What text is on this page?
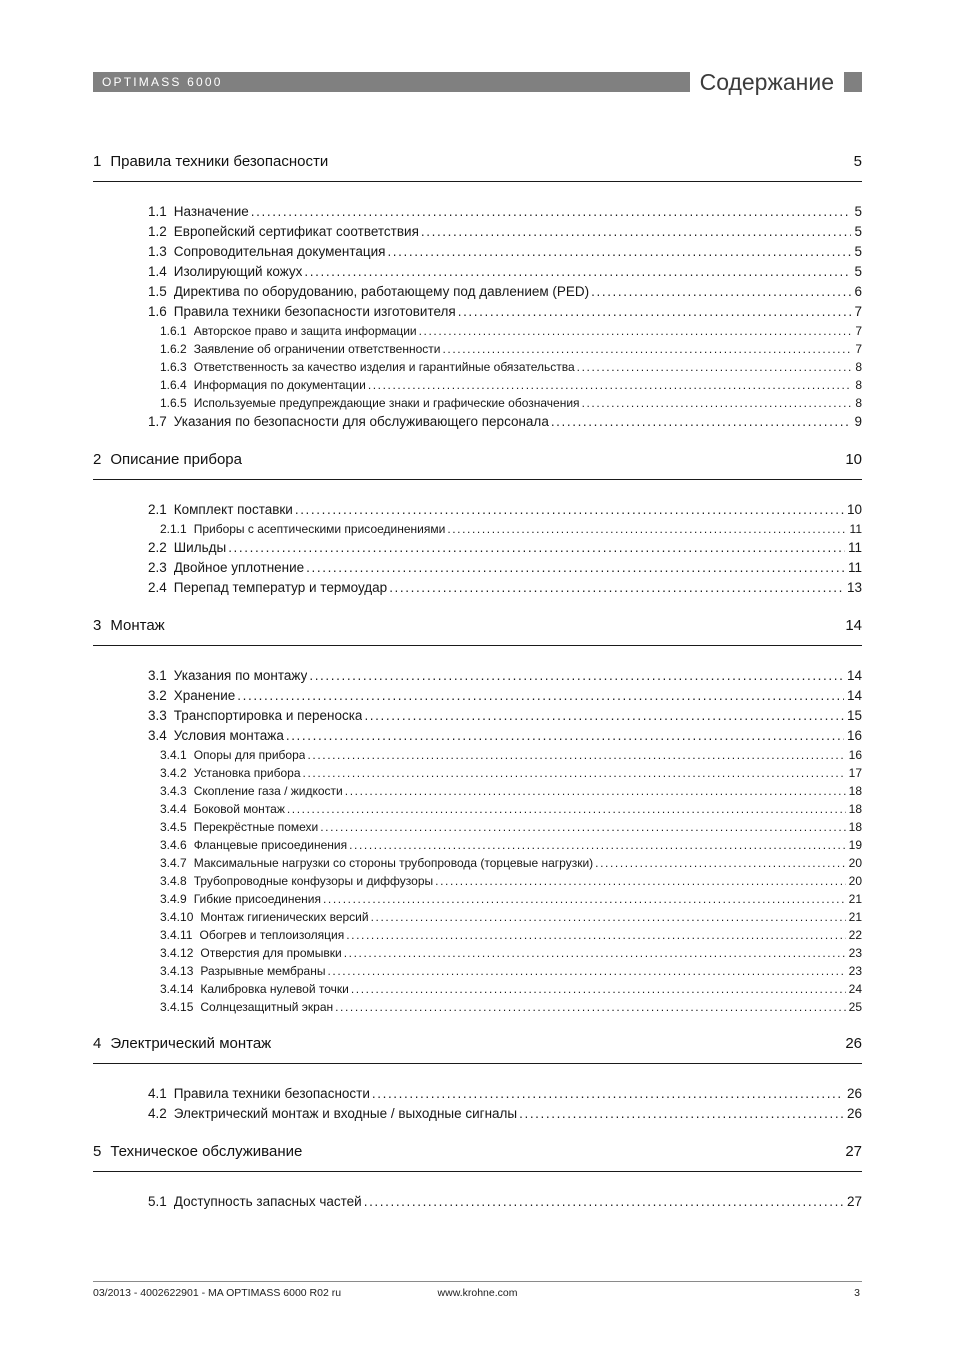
OPTIMASS 6000	Содержание
1 Правила техники безопасности	5
1.1 Назначение .....	5
1.2 Европейский сертификат соответствия .....	5
1.3 Сопроводительная документация .....	5
1.4 Изолирующий кожух .....	5
1.5 Директива по оборудованию, работающему под давлением (PED) .....	6
1.6 Правила техники безопасности изготовителя .....	7
1.6.1 Авторское право и защита информации .....	7
1.6.2 Заявление об ограничении ответственности .....	7
1.6.3 Ответственность за качество изделия и гарантийные обязательства .....	8
1.6.4 Информация по документации .....	8
1.6.5 Используемые предупреждающие знаки и графические обозначения .....	8
1.7 Указания по безопасности для обслуживающего персонала .....	9
2 Описание прибора	10
2.1 Комплект поставки .....	10
2.1.1 Приборы с асептическими присоединениями .....	11
2.2 Шильды .....	11
2.3 Двойное уплотнение .....	11
2.4 Перепад температур и термоудар .....	13
3 Монтаж	14
3.1 Указания по монтажу .....	14
3.2 Хранение .....	14
3.3 Транспортировка и переноска .....	15
3.4 Условия монтажа .....	16
3.4.1 Опоры для прибора .....	16
3.4.2 Установка прибора .....	17
3.4.3 Скопление газа / жидкости .....	18
3.4.4 Боковой монтаж .....	18
3.4.5 Перекрёстные помехи .....	18
3.4.6 Фланцевые присоединения .....	19
3.4.7 Максимальные нагрузки со стороны трубопровода (торцевые нагрузки) .....	20
3.4.8 Трубопроводные конфузоры и диффузоры .....	20
3.4.9 Гибкие присоединения .....	21
3.4.10 Монтаж гигиенических версий .....	21
3.4.11 Обогрев и теплоизоляция .....	22
3.4.12 Отверстия для промывки .....	23
3.4.13 Разрывные мембраны .....	23
3.4.14 Калибровка нулевой точки .....	24
3.4.15 Солнцезащитный экран .....	25
4 Электрический монтаж	26
4.1 Правила техники безопасности .....	26
4.2 Электрический монтаж и входные / выходные сигналы .....	26
5 Техническое обслуживание	27
5.1 Доступность запасных частей .....	27
03/2013 - 4002622901 - MA OPTIMASS 6000 R02 ru	www.krohne.com	3
